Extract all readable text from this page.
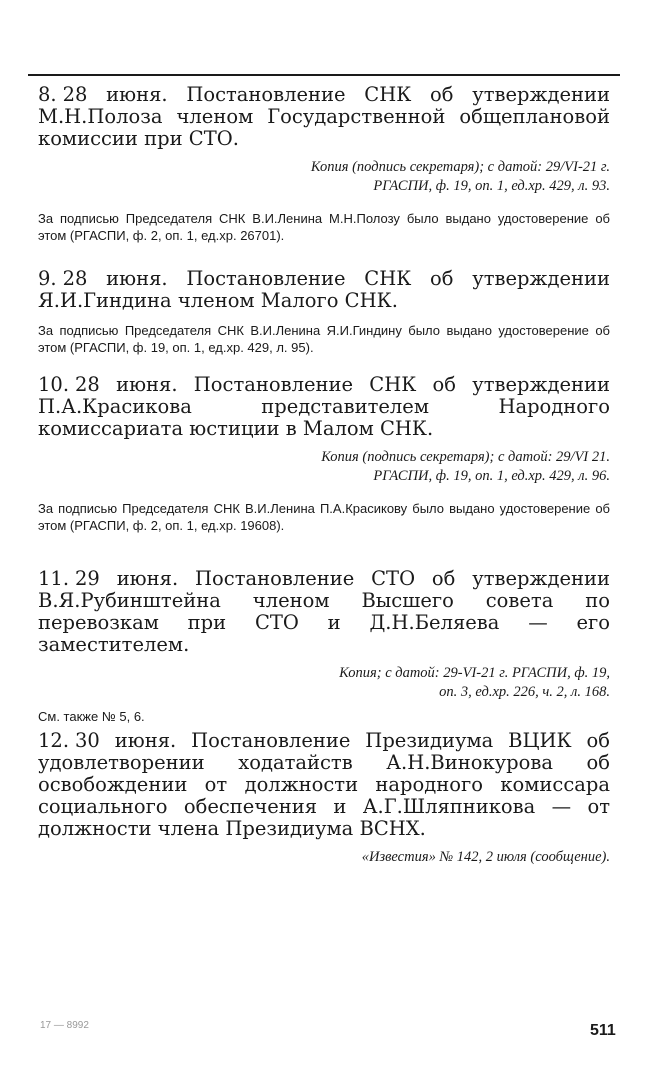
8. 28 июня. Постановление СНК об утверждении М.Н.Полоза членом Государственной общеплановой комиссии при СТО.

Копия (подпись секретаря); с датой: 29/VI-21 г.

РГАСПИ, ф. 19, оп. 1, ед.хр. 429, л. 93.

За подписью Председателя СНК В.И.Ленина М.Н.Полозу было выдано удостоверение об этом (РГАСПИ, ф. 2, оп. 1, ед.хр. 26701).

9. 28 июня. Постановление СНК об утверждении Я.И.Гиндина членом Малого СНК.

За подписью Председателя СНК В.И.Ленина Я.И.Гиндину было выдано удостоверение об этом (РГАСПИ, ф. 19, оп. 1, ед.хр. 429, л. 95).

10. 28 июня. Постановление СНК об утверждении П.А.Красикова представителем Народного комиссариата юстиции в Малом СНК.

Копия (подпись секретаря); с датой: 29/VI 21.

РГАСПИ, ф. 19, оп. 1, ед.хр. 429, л. 96.

За подписью Председателя СНК В.И.Ленина П.А.Красикову было выдано удостоверение об этом (РГАСПИ, ф. 2, оп. 1, ед.хр. 19608).

11. 29 июня. Постановление СТО об утверждении В.Я.Рубинштейна членом Высшего совета по перевозкам при СТО и Д.Н.Беляева — его заместителем.

Копия; с датой: 29-VI-21 г. РГАСПИ, ф. 19,

оп. 3, ед.хр. 226, ч. 2, л. 168.

См. также № 5, 6.

12. 30 июня. Постановление Президиума ВЦИК об удовлетворении ходатайств А.Н.Винокурова об освобождении от должности народного комиссара социального обеспечения и А.Г.Шляпникова — от должности члена Президиума ВСНХ.

«Известия» № 142, 2 июля (сообщение).

17 — 8992	511
